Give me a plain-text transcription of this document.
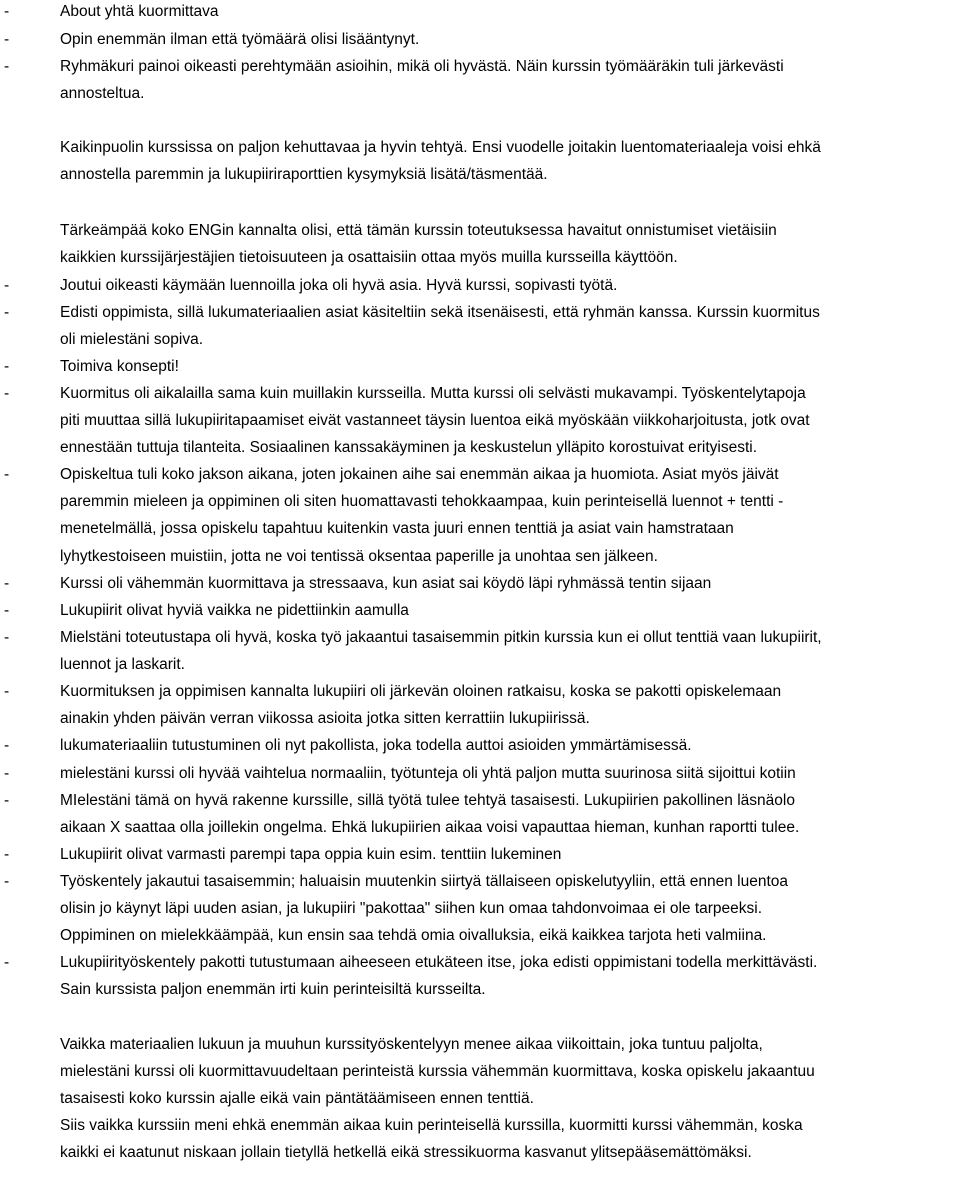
-	About yhtä kuormittava
-	Opin enemmän ilman että työmäärä olisi lisääntynyt.
-	Ryhmäkuri painoi oikeasti perehtymään asioihin, mikä oli hyvästä. Näin kurssin työmääräkin tuli järkevästi
annosteltua.
Kaikinpuolin kurssissa on paljon kehuttavaa ja hyvin tehtyä. Ensi vuodelle joitakin luentomateriaaleja voisi ehkä
annostella paremmin ja lukupiiriraporttien kysymyksiä lisätä/täsmentää.
Tärkeämpää koko ENGin kannalta olisi, että tämän kurssin toteutuksessa havaitut onnistumiset vietäisiin
kaikkien kurssijärjestäjien tietoisuuteen ja osattaisiin ottaa myös muilla kursseilla käyttöön.
-	Joutui oikeasti käymään luennoilla joka oli hyvä asia. Hyvä kurssi, sopivasti työtä.
-	Edisti oppimista, sillä lukumateriaalien asiat käsiteltiin sekä itsenäisesti, että ryhmän kanssa. Kurssin kuormitus
oli mielestäni sopiva.
-	Toimiva konsepti!
-	Kuormitus oli aikalailla sama kuin muillakin kursseilla. Mutta kurssi oli selvästi mukavampi. Työskentelytapoja
piti muuttaa sillä lukupiiritapaamiset eivät vastanneet täysin luentoa eikä myöskään viikkoharjoitusta, jotk ovat
ennestään tuttuja tilanteita. Sosiaalinen kanssakäyminen ja keskustelun ylläpito korostuivat erityisesti.
-	Opiskeltua tuli koko jakson aikana, joten jokainen aihe sai enemmän aikaa ja huomiota. Asiat myös jäivät
paremmin mieleen ja oppiminen oli siten huomattavasti tehokkaampaa, kuin perinteisellä luennot + tentti -
menetelmällä, jossa opiskelu tapahtuu kuitenkin vasta juuri ennen tenttiä ja asiat vain hamstrataan
lyhytkestoiseen muistiin, jotta ne voi tentissä oksentaa paperille ja unohtaa sen jälkeen.
-	Kurssi oli vähemmän kuormittava ja stressaava, kun asiat sai köydö läpi ryhmässä tentin sijaan
-	Lukupiirit olivat hyviä vaikka ne pidettiinkin aamulla
-	Mielstäni toteutustapa oli hyvä, koska työ jakaantui tasaisemmin pitkin kurssia kun ei ollut tenttiä vaan lukupiirit,
luennot ja laskarit.
-	Kuormituksen ja oppimisen kannalta lukupiiri oli järkevän oloinen ratkaisu, koska se pakotti opiskelemaan
ainakin yhden päivän verran viikossa asioita jotka sitten kerrattiin lukupiirissä.
-	lukumateriaaliin tutustuminen oli nyt pakollista, joka todella auttoi asioiden ymmärtämisessä.
-	mielestäni kurssi oli hyvää vaihtelua normaaliin, työtunteja oli yhtä paljon mutta suurinosa siitä sijoittui kotiin
-	MIelestäni tämä on hyvä rakenne kurssille, sillä työtä tulee tehtyä tasaisesti. Lukupiirien pakollinen läsnäolo
aikaan X saattaa olla joillekin ongelma. Ehkä lukupiirien aikaa voisi vapauttaa hieman, kunhan raportti tulee.
-	Lukupiirit olivat varmasti parempi tapa oppia kuin esim. tenttiin lukeminen
-	Työskentely jakautui tasaisemmin; haluaisin muutenkin siirtyä tällaiseen opiskelutyyliin, että ennen luentoa
olisin jo käynyt läpi uuden asian, ja lukupiiri "pakottaa" siihen kun omaa tahdonvoimaa ei ole tarpeeksi.
Oppiminen on mielekkäämpää, kun ensin saa tehdä omia oivalluksia, eikä kaikkea tarjota heti valmiina.
-	Lukupiirityöskentely pakotti tutustumaan aiheeseen etukäteen itse, joka edisti oppimistani todella merkittävästi.
Sain kurssista paljon enemmän irti kuin perinteisiltä kursseilta.
Vaikka materiaalien lukuun ja muuhun kurssityöskentelyyn menee aikaa viikoittain, joka tuntuu paljolta,
mielestäni kurssi oli kuormittavuudeltaan perinteistä kurssia vähemmän kuormittava, koska opiskelu jakaantuu
tasaisesti koko kurssin ajalle eikä vain päntätäämiseen ennen tenttiä.
Siis vaikka kurssiin meni ehkä enemmän aikaa kuin perinteisellä kurssilla, kuormitti kurssi vähemmän, koska
kaikki ei kaatunut niskaan jollain tietyllä hetkellä eikä stressikuorma kasvanut ylitsepääsemättömäksi.
